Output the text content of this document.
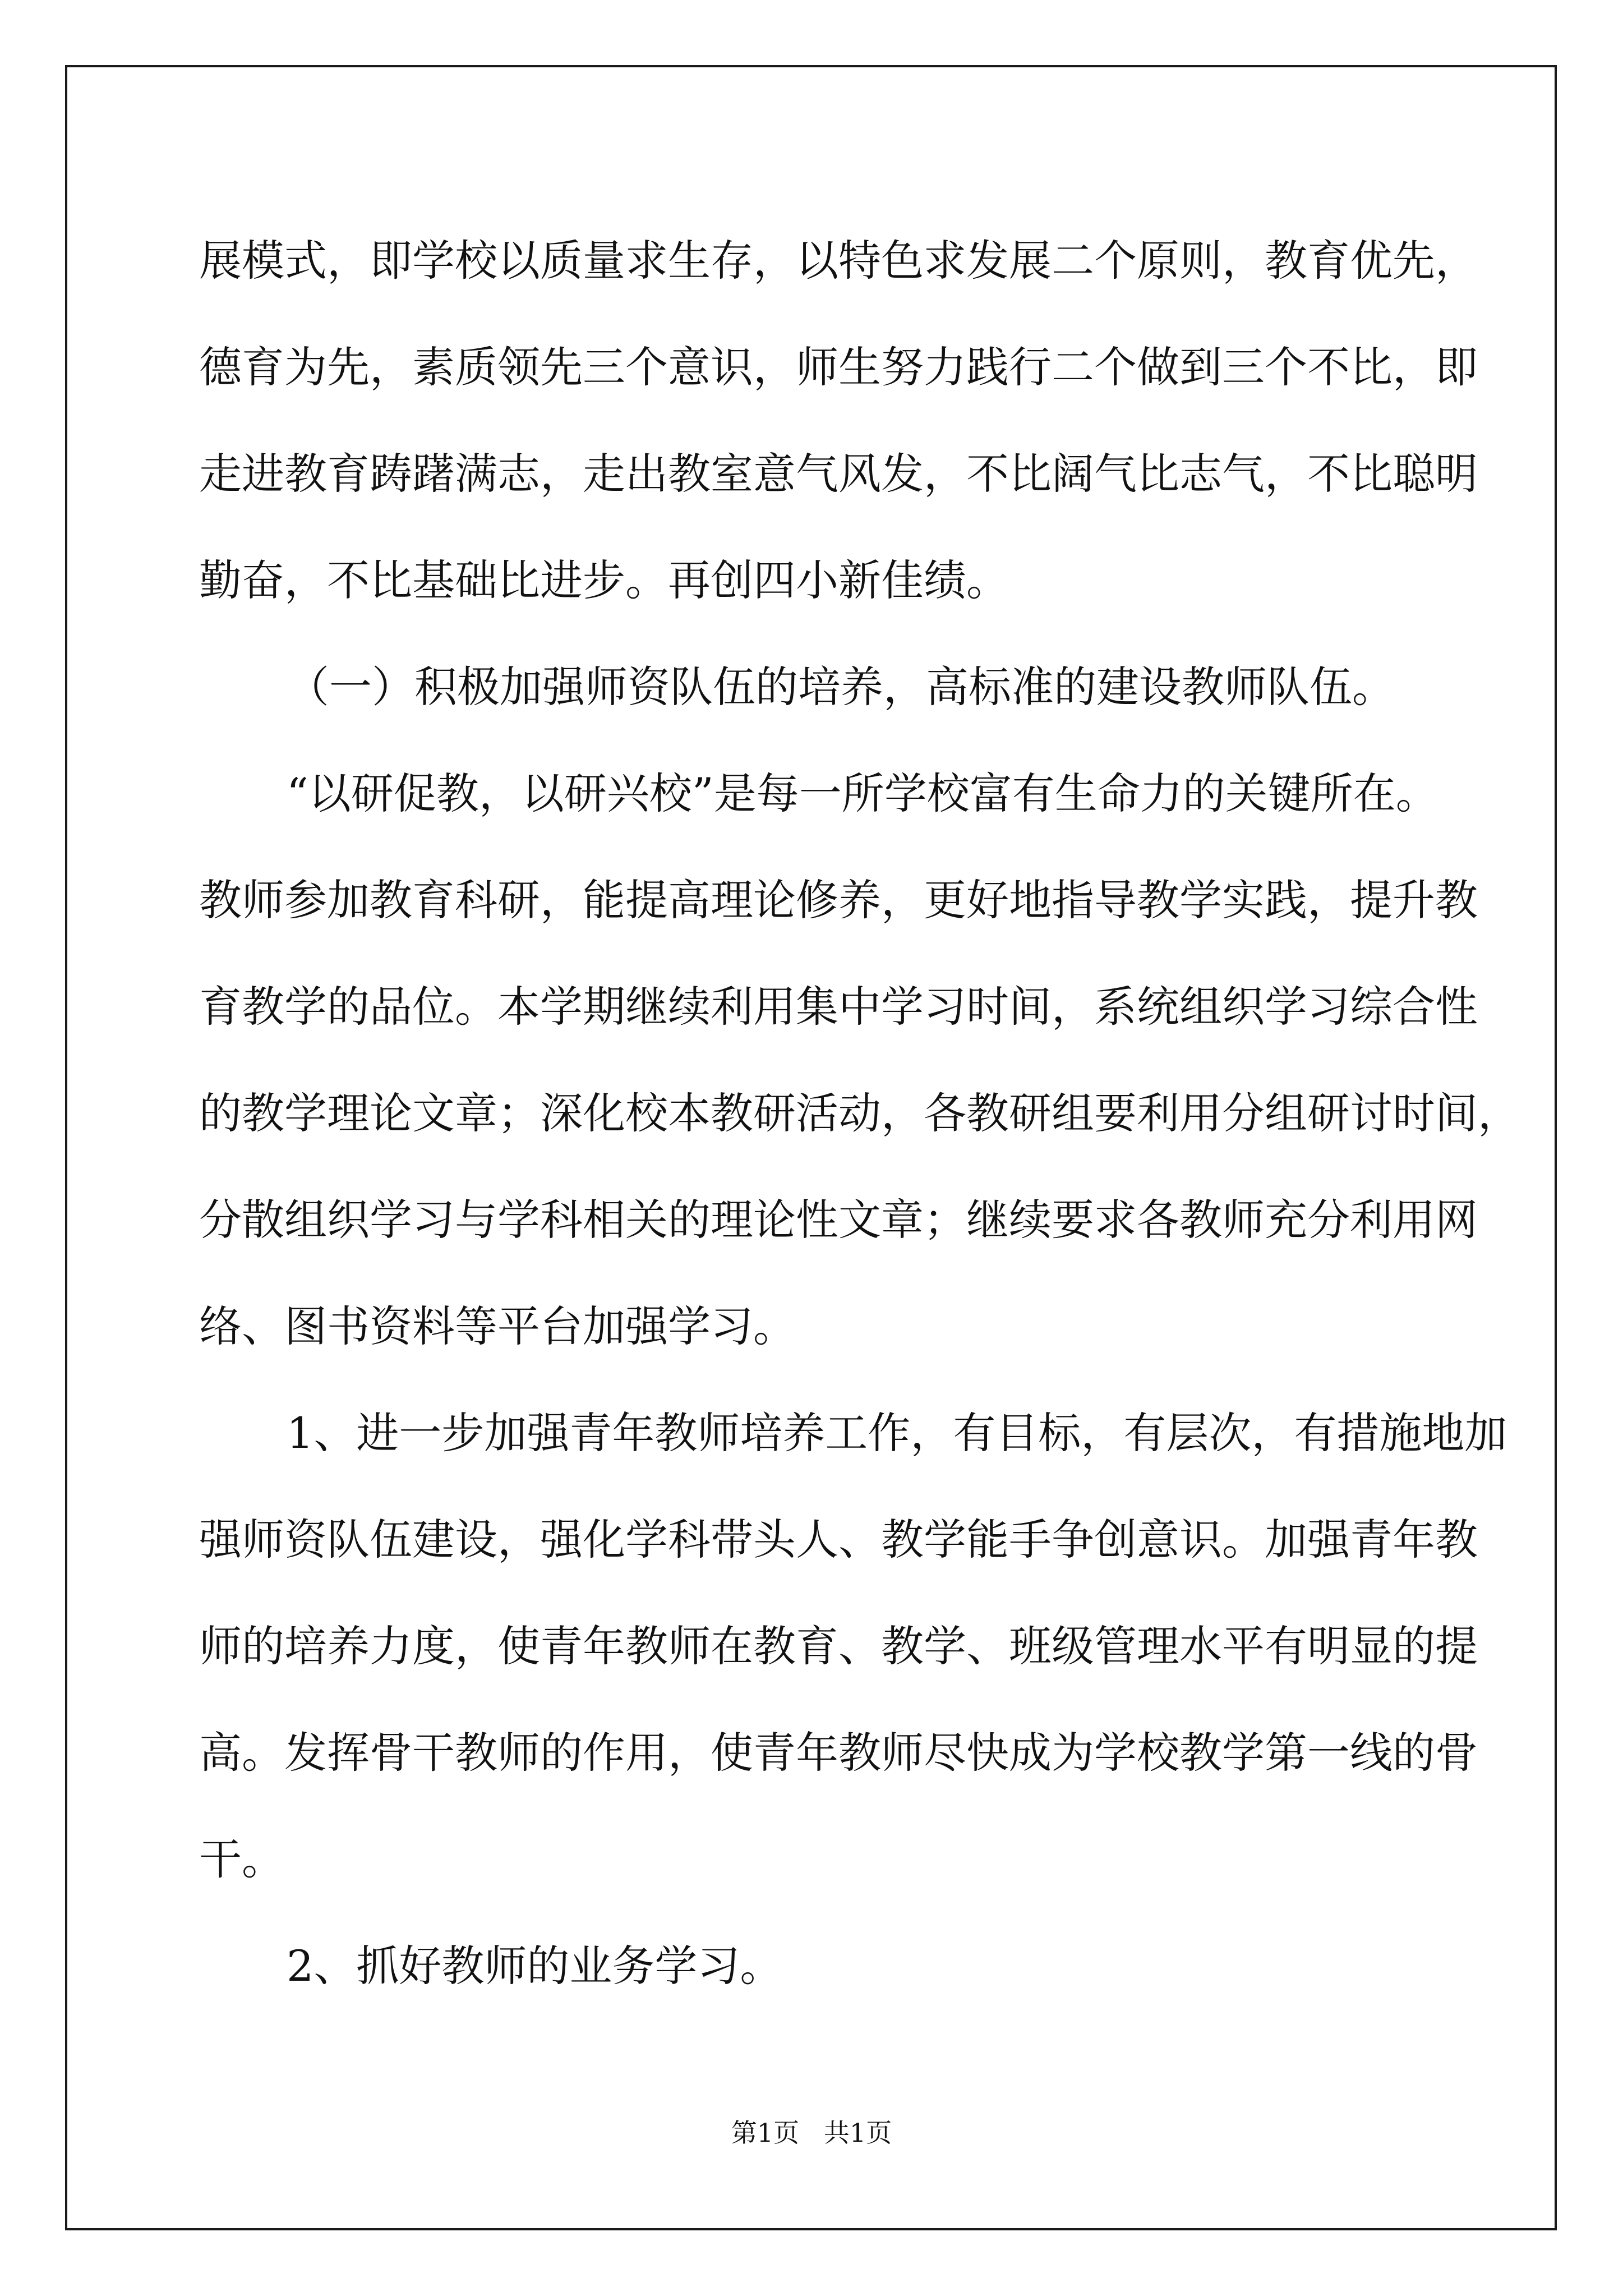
展模式，即学校以质量求生存，以特色求发展二个原则，教育优先，
德育为先，素质领先三个意识，师生努力践行二个做到三个不比，即
走进教育踌躇满志，走出教室意气风发，不比阔气比志气，不比聪明
勤奋，不比基础比进步。再创四小新佳绩。
（一）积极加强师资队伍的培养，高标准的建设教师队伍。
“以研促教，以研兴校”是每一所学校富有生命力的关键所在。
教师参加教育科研，能提高理论修养，更好地指导教学实践，提升教
育教学的品位。本学期继续利用集中学习时间，系统组织学习综合性
的教学理论文章；深化校本教研活动，各教研组要利用分组研讨时间，
分散组织学习与学科相关的理论性文章；继续要求各教师充分利用网
络、图书资料等平台加强学习。
1、进一步加强青年教师培养工作，有目标，有层次，有措施地加
强师资队伍建设，强化学科带头人、教学能手争创意识。加强青年教
师的培养力度，使青年教师在教育、教学、班级管理水平有明显的提
高。发挥骨干教师的作用，使青年教师尽快成为学校教学第一线的骨
干。
2、抓好教师的业务学习。
第1页   共1页
